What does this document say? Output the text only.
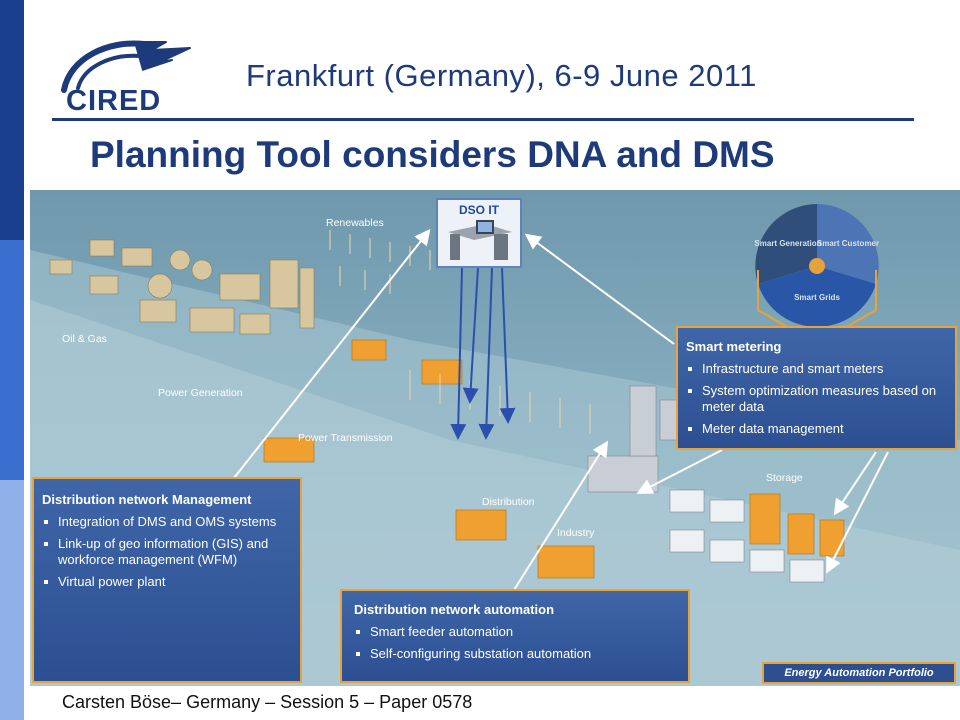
CIRED
Frankfurt (Germany), 6-9 June 2011
Planning Tool considers DNA and DMS
Renewables
Oil & Gas
Power Generation
Power Transmission
Distribution
Industry
Storage
Smart Generation
Smart Customer
Smart Grids
DSO IT
Smart metering
Infrastructure and smart meters
System optimization measures based on meter data
Meter data management
Distribution network Management
Integration of DMS and OMS systems
Link-up of geo information (GIS) and workforce management (WFM)
Virtual power plant
Distribution network automation
Smart feeder automation
Self-configuring substation automation
Energy Automation Portfolio
Carsten Böse– Germany – Session 5 – Paper 0578
